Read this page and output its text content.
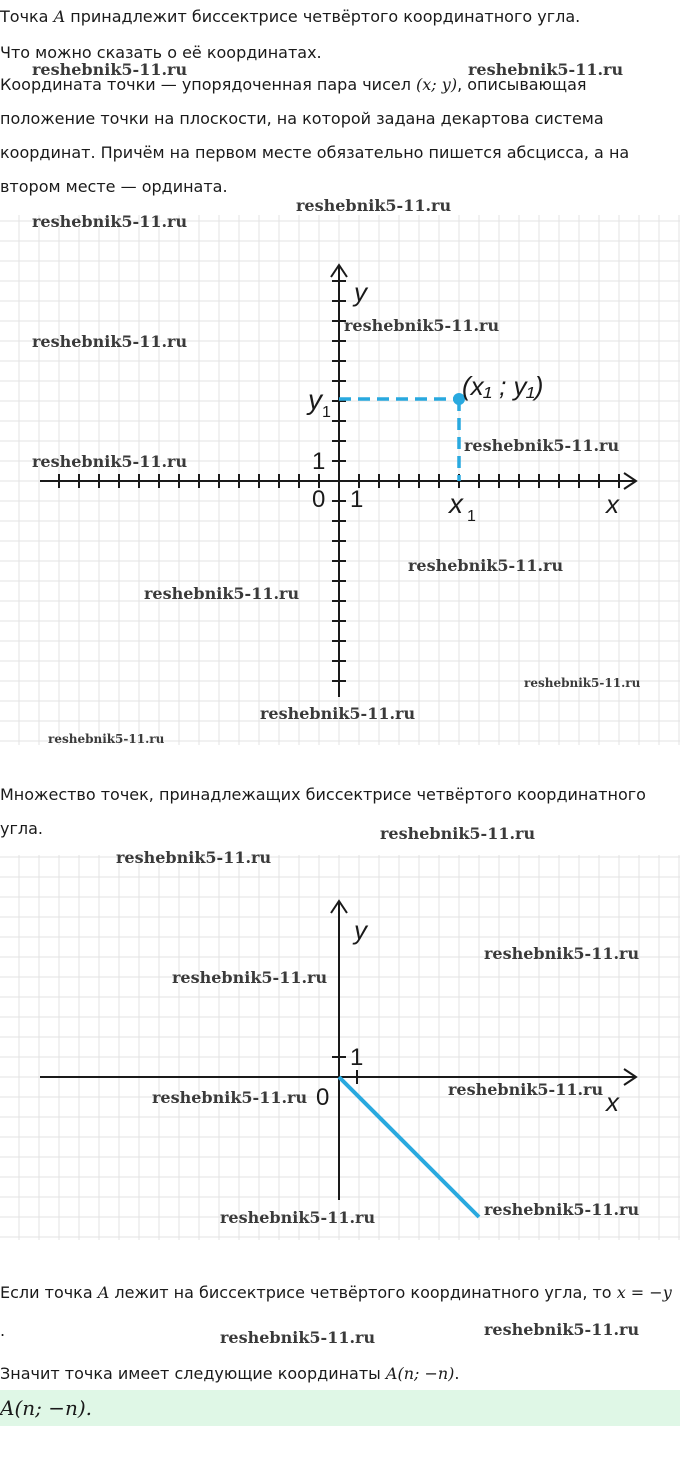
Точка A принадлежит биссектрисе четвёртого координатного угла.

Что можно сказать о её координатах.

Координата точки — упорядоченная пара чисел (x; y), описывающая положение точки на плоскости, на которой задана декартова система координат. Причём на первом месте обязательно пишется абсцисса, а на втором месте — ордината.

y
x
0 1
1
y 1
x 1
(x₁ ; y₁)

Множество точек, принадлежащих биссектрисе четвёртого координатного угла.

y
x
0
1

Если точка A лежит на биссектрисе четвёртого координатного угла, то x = −y

.

Значит точка имеет следующие координаты A(n; −n).

A(n; −n).
reshebnik5-11.ru	reshebnik5-11.ru
reshebnik5-11.ru
reshebnik5-11.ru
reshebnik5-11.ru
reshebnik5-11.ru
reshebnik5-11.ru
reshebnik5-11.ru
reshebnik5-11.ru
reshebnik5-11.ru
reshebnik5-11.ru
reshebnik5-11.ru
reshebnik5-11.ru
reshebnik5-11.ru
reshebnik5-11.ru
reshebnik5-11.ru
reshebnik5-11.ru
reshebnik5-11.ru
reshebnik5-11.ru
reshebnik5-11.ru
reshebnik5-11.ru
reshebnik5-11.ru
reshebnik5-11.ru
